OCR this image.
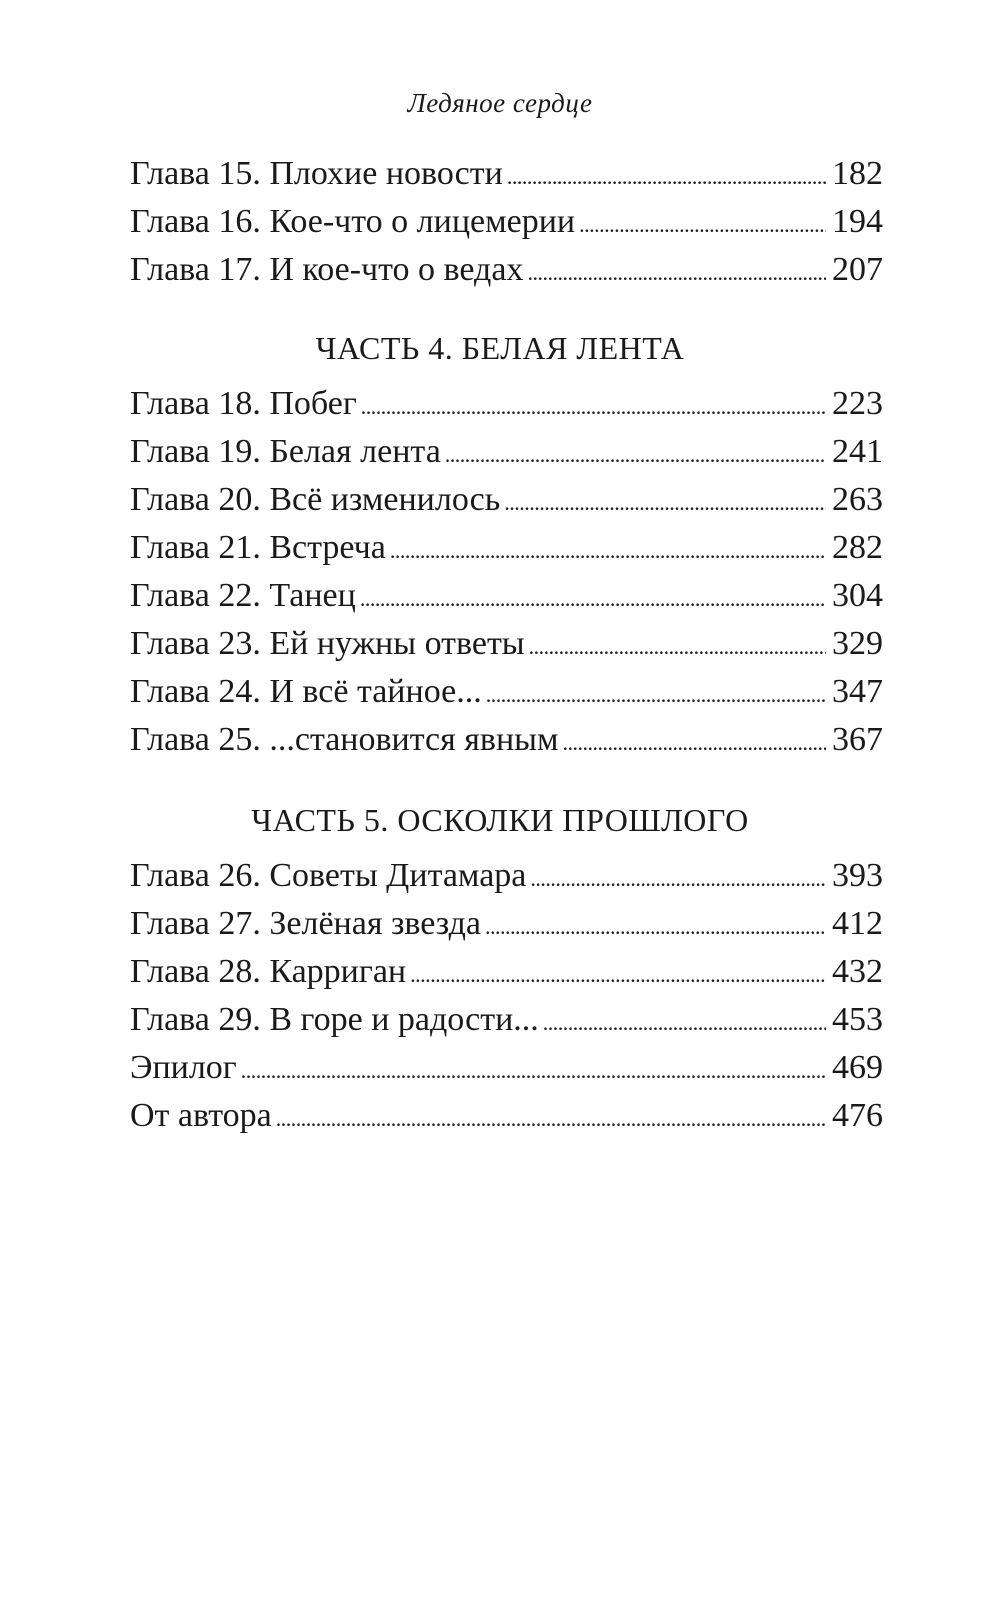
Ледяное сердце
Глава 15. Плохие новости . . .	182
Глава 16. Кое-что о лицемерии . . .	194
Глава 17. И кое-что о ведах . . .	207
ЧАСТЬ 4. БЕЛАЯ ЛЕНТА
Глава 18. Побег . . .	223
Глава 19. Белая лента . . .	241
Глава 20. Всё изменилось . . .	263
Глава 21. Встреча . . .	282
Глава 22. Танец . . .	304
Глава 23. Ей нужны ответы . . .	329
Глава 24. И всё тайное... . . .	347
Глава 25. ...становится явным . . .	367
ЧАСТЬ 5. ОСКОЛКИ ПРОШЛОГО
Глава 26. Советы Дитамара . . .	393
Глава 27. Зелёная звезда . . .	412
Глава 28. Карриган . . .	432
Глава 29. В горе и радости... . . .	453
Эпилог . . .	469
От автора . . .	476
